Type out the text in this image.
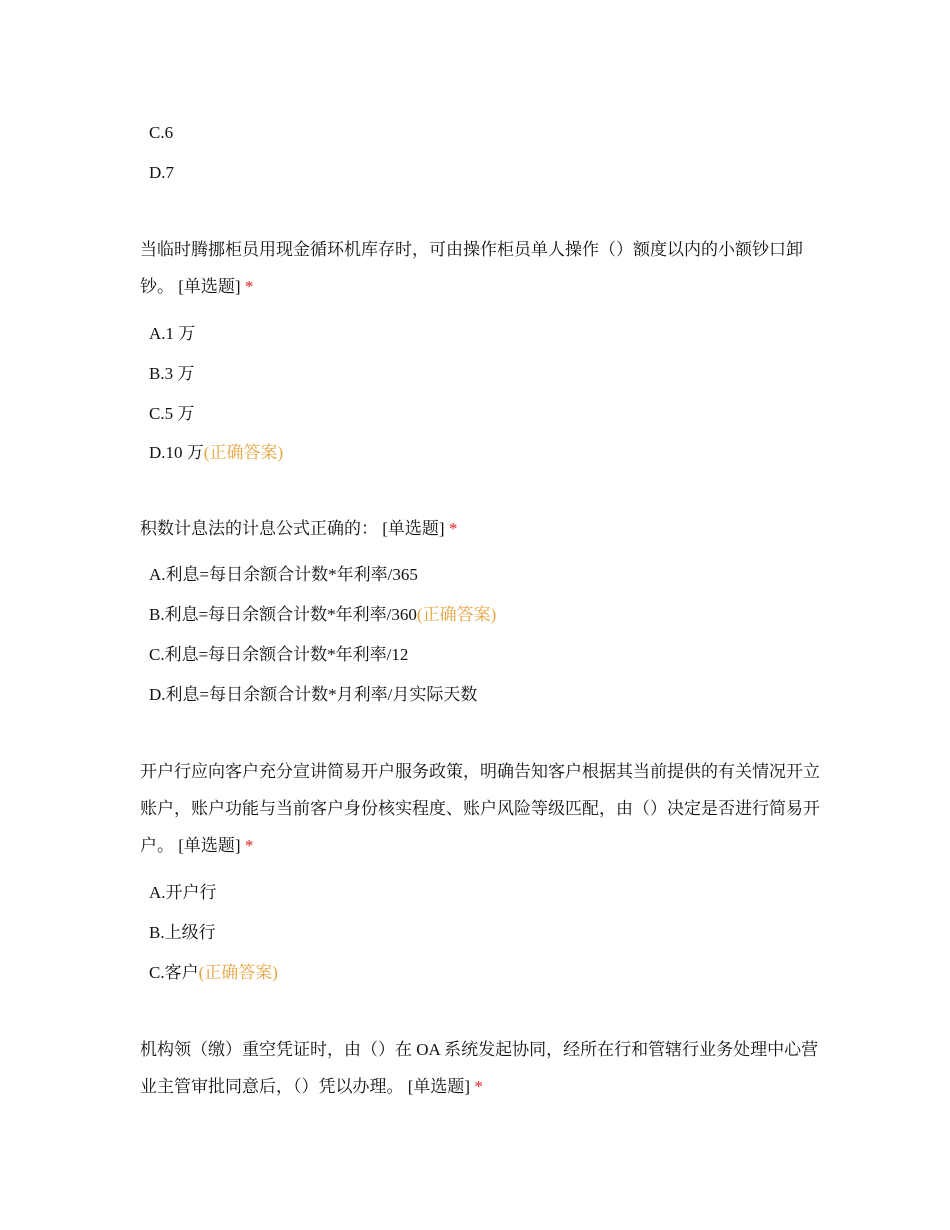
C.6

D.7

当临时腾挪柜员用现金循环机库存时，可由操作柜员单人操作（）额度以内的小额钞口卸钞。 [单选题] *

A.1 万

B.3 万

C.5 万

D.10 万(正确答案)

积数计息法的计息公式正确的： [单选题] *

A.利息=每日余额合计数*年利率/365

B.利息=每日余额合计数*年利率/360(正确答案)

C.利息=每日余额合计数*年利率/12

D.利息=每日余额合计数*月利率/月实际天数

开户行应向客户充分宣讲简易开户服务政策，明确告知客户根据其当前提供的有关情况开立账户，账户功能与当前客户身份核实程度、账户风险等级匹配，由（）决定是否进行简易开户。 [单选题] *

A.开户行

B.上级行

C.客户(正确答案)

机构领（缴）重空凭证时，由（）在 OA 系统发起协同，经所在行和管辖行业务处理中心营业主管审批同意后，（）凭以办理。 [单选题] *
